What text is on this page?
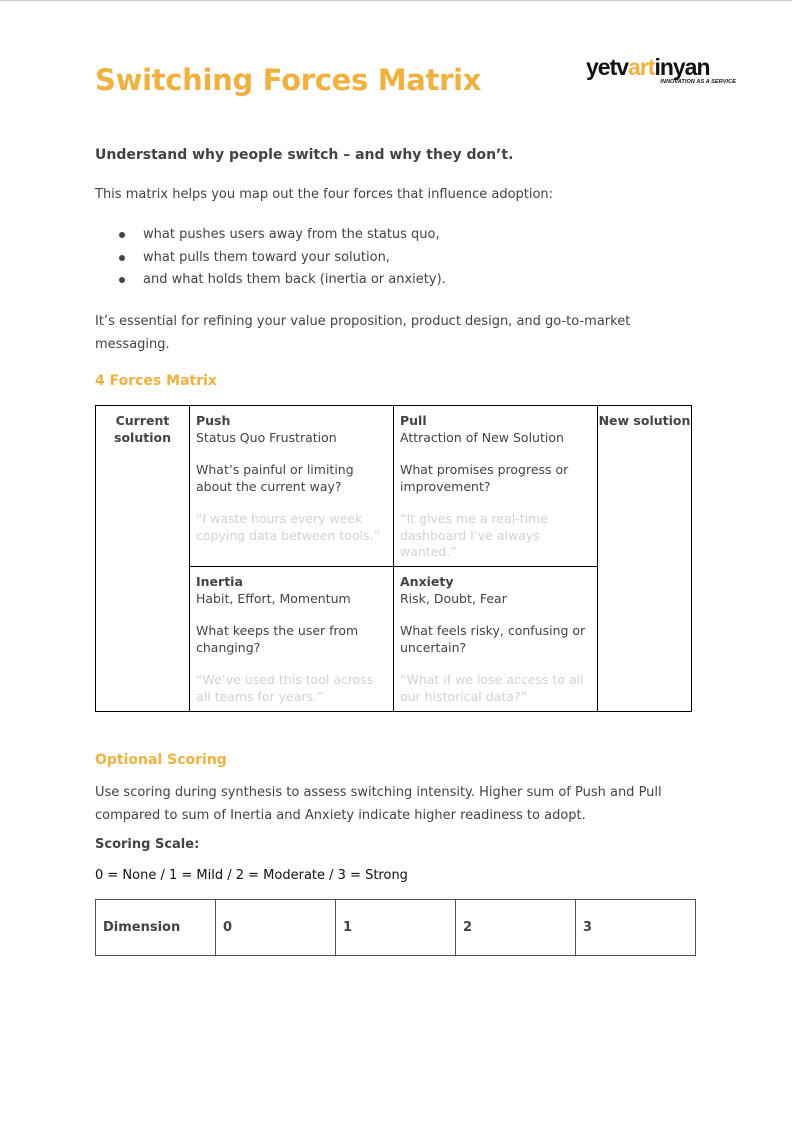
Switching Forces Matrix	yetvartinyan
INNOVATION AS A SERVICE
Understand why people switch – and why they don’t.

This matrix helps you map out the four forces that influence adoption:

what pushes users away from the status quo,
what pulls them toward your solution,
and what holds them back (inertia or anxiety).

It’s essential for refining your value proposition, product design, and go-to-market messaging.

4 Forces Matrix
Current solution	Push
Status Quo Frustration
What’s painful or limiting about the current way?
“I waste hours every week copying data between tools.”	Pull
Attraction of New Solution
What promises progress or improvement?
“It gives me a real-time dashboard I’ve always wanted.”	New solution

	Inertia
Habit, Effort, Momentum
What keeps the user from changing?
“We’ve used this tool across all teams for years.”	Anxiety
Risk, Doubt, Fear
What feels risky, confusing or uncertain?
“What if we lose access to all our historical data?”	
Optional Scoring

Use scoring during synthesis to assess switching intensity. Higher sum of Push and Pull compared to sum of Inertia and Anxiety indicate higher readiness to adopt.

Scoring Scale:
0 = None / 1 = Mild / 2 = Moderate / 3 = Strong
Dimension	0	1	2	3
